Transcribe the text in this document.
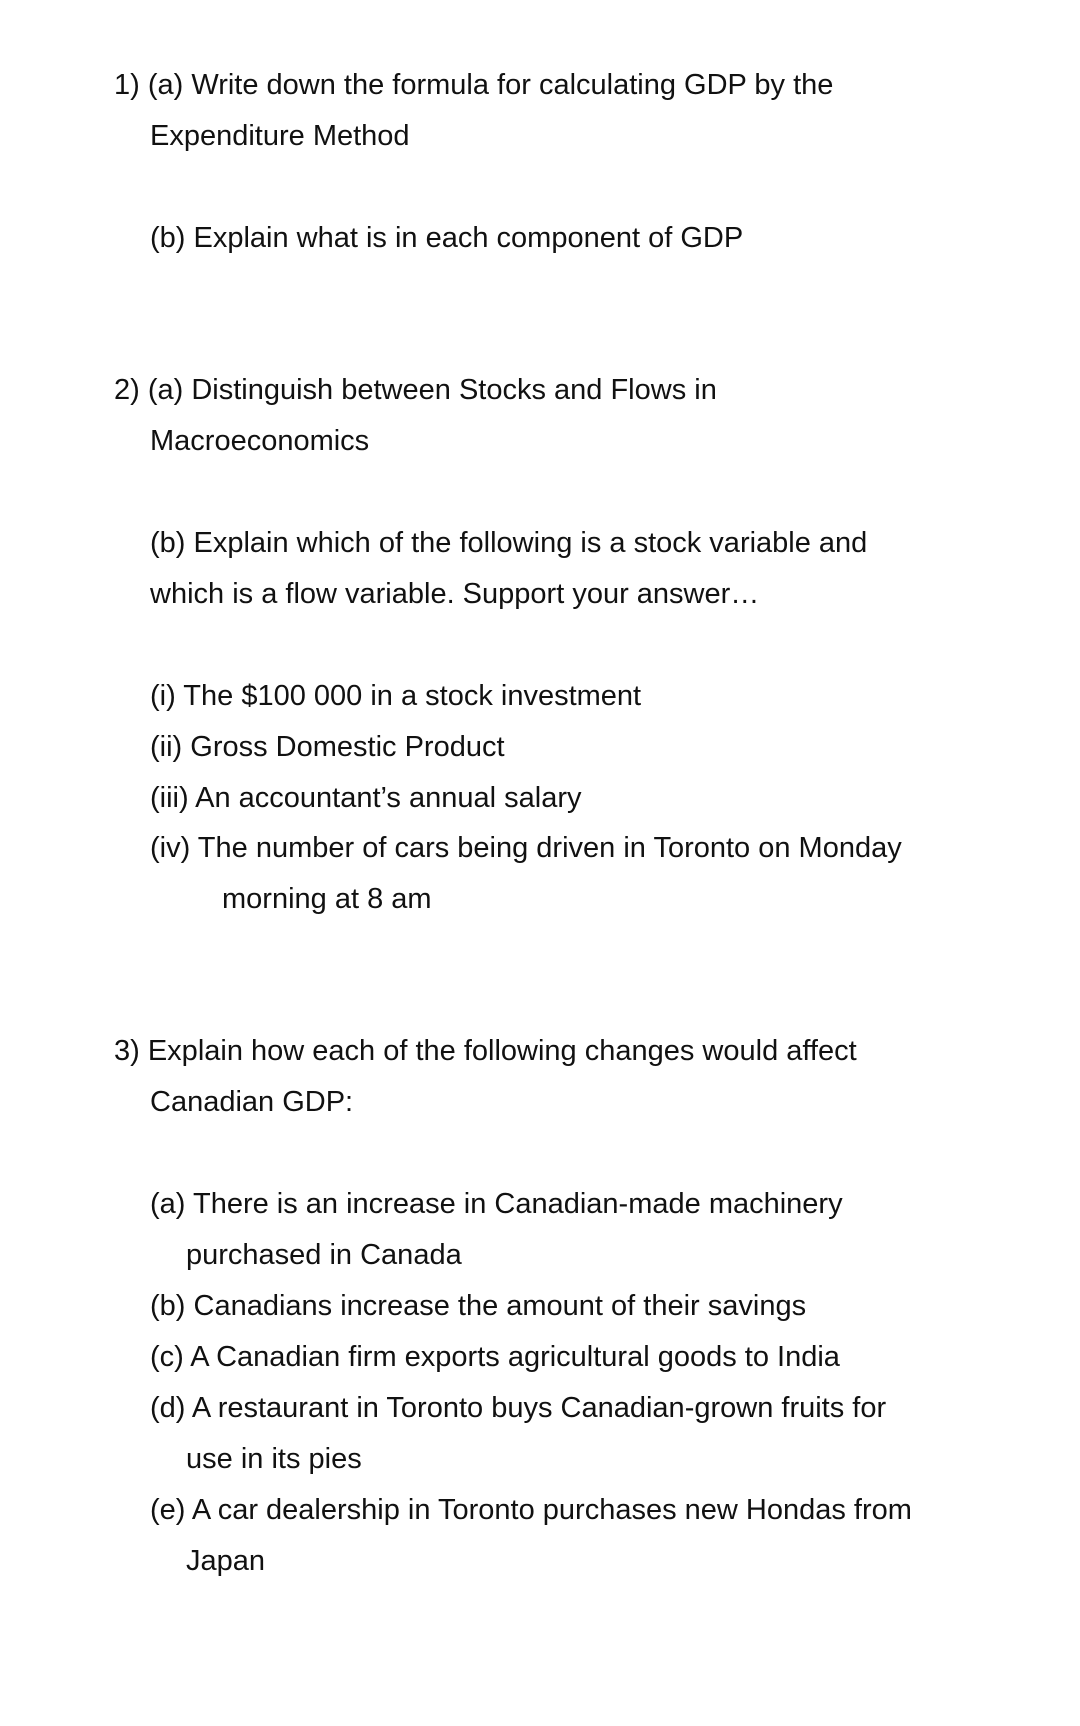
1) (a) Write down the formula for calculating GDP by the
Expenditure Method
(b) Explain what is in each component of GDP
2) (a) Distinguish between Stocks and Flows in
Macroeconomics
(b) Explain which of the following is a stock variable and
which is a flow variable. Support your answer…
(i) The $100 000 in a stock investment
(ii) Gross Domestic Product
(iii) An accountant’s annual salary
(iv) The number of cars being driven in Toronto on Monday
morning at 8 am
3) Explain how each of the following changes would affect
Canadian GDP:
(a) There is an increase in Canadian-made machinery
purchased in Canada
(b) Canadians increase the amount of their savings
(c) A Canadian firm exports agricultural goods to India
(d) A restaurant in Toronto buys Canadian-grown fruits for
use in its pies
(e) A car dealership in Toronto purchases new Hondas from
Japan
